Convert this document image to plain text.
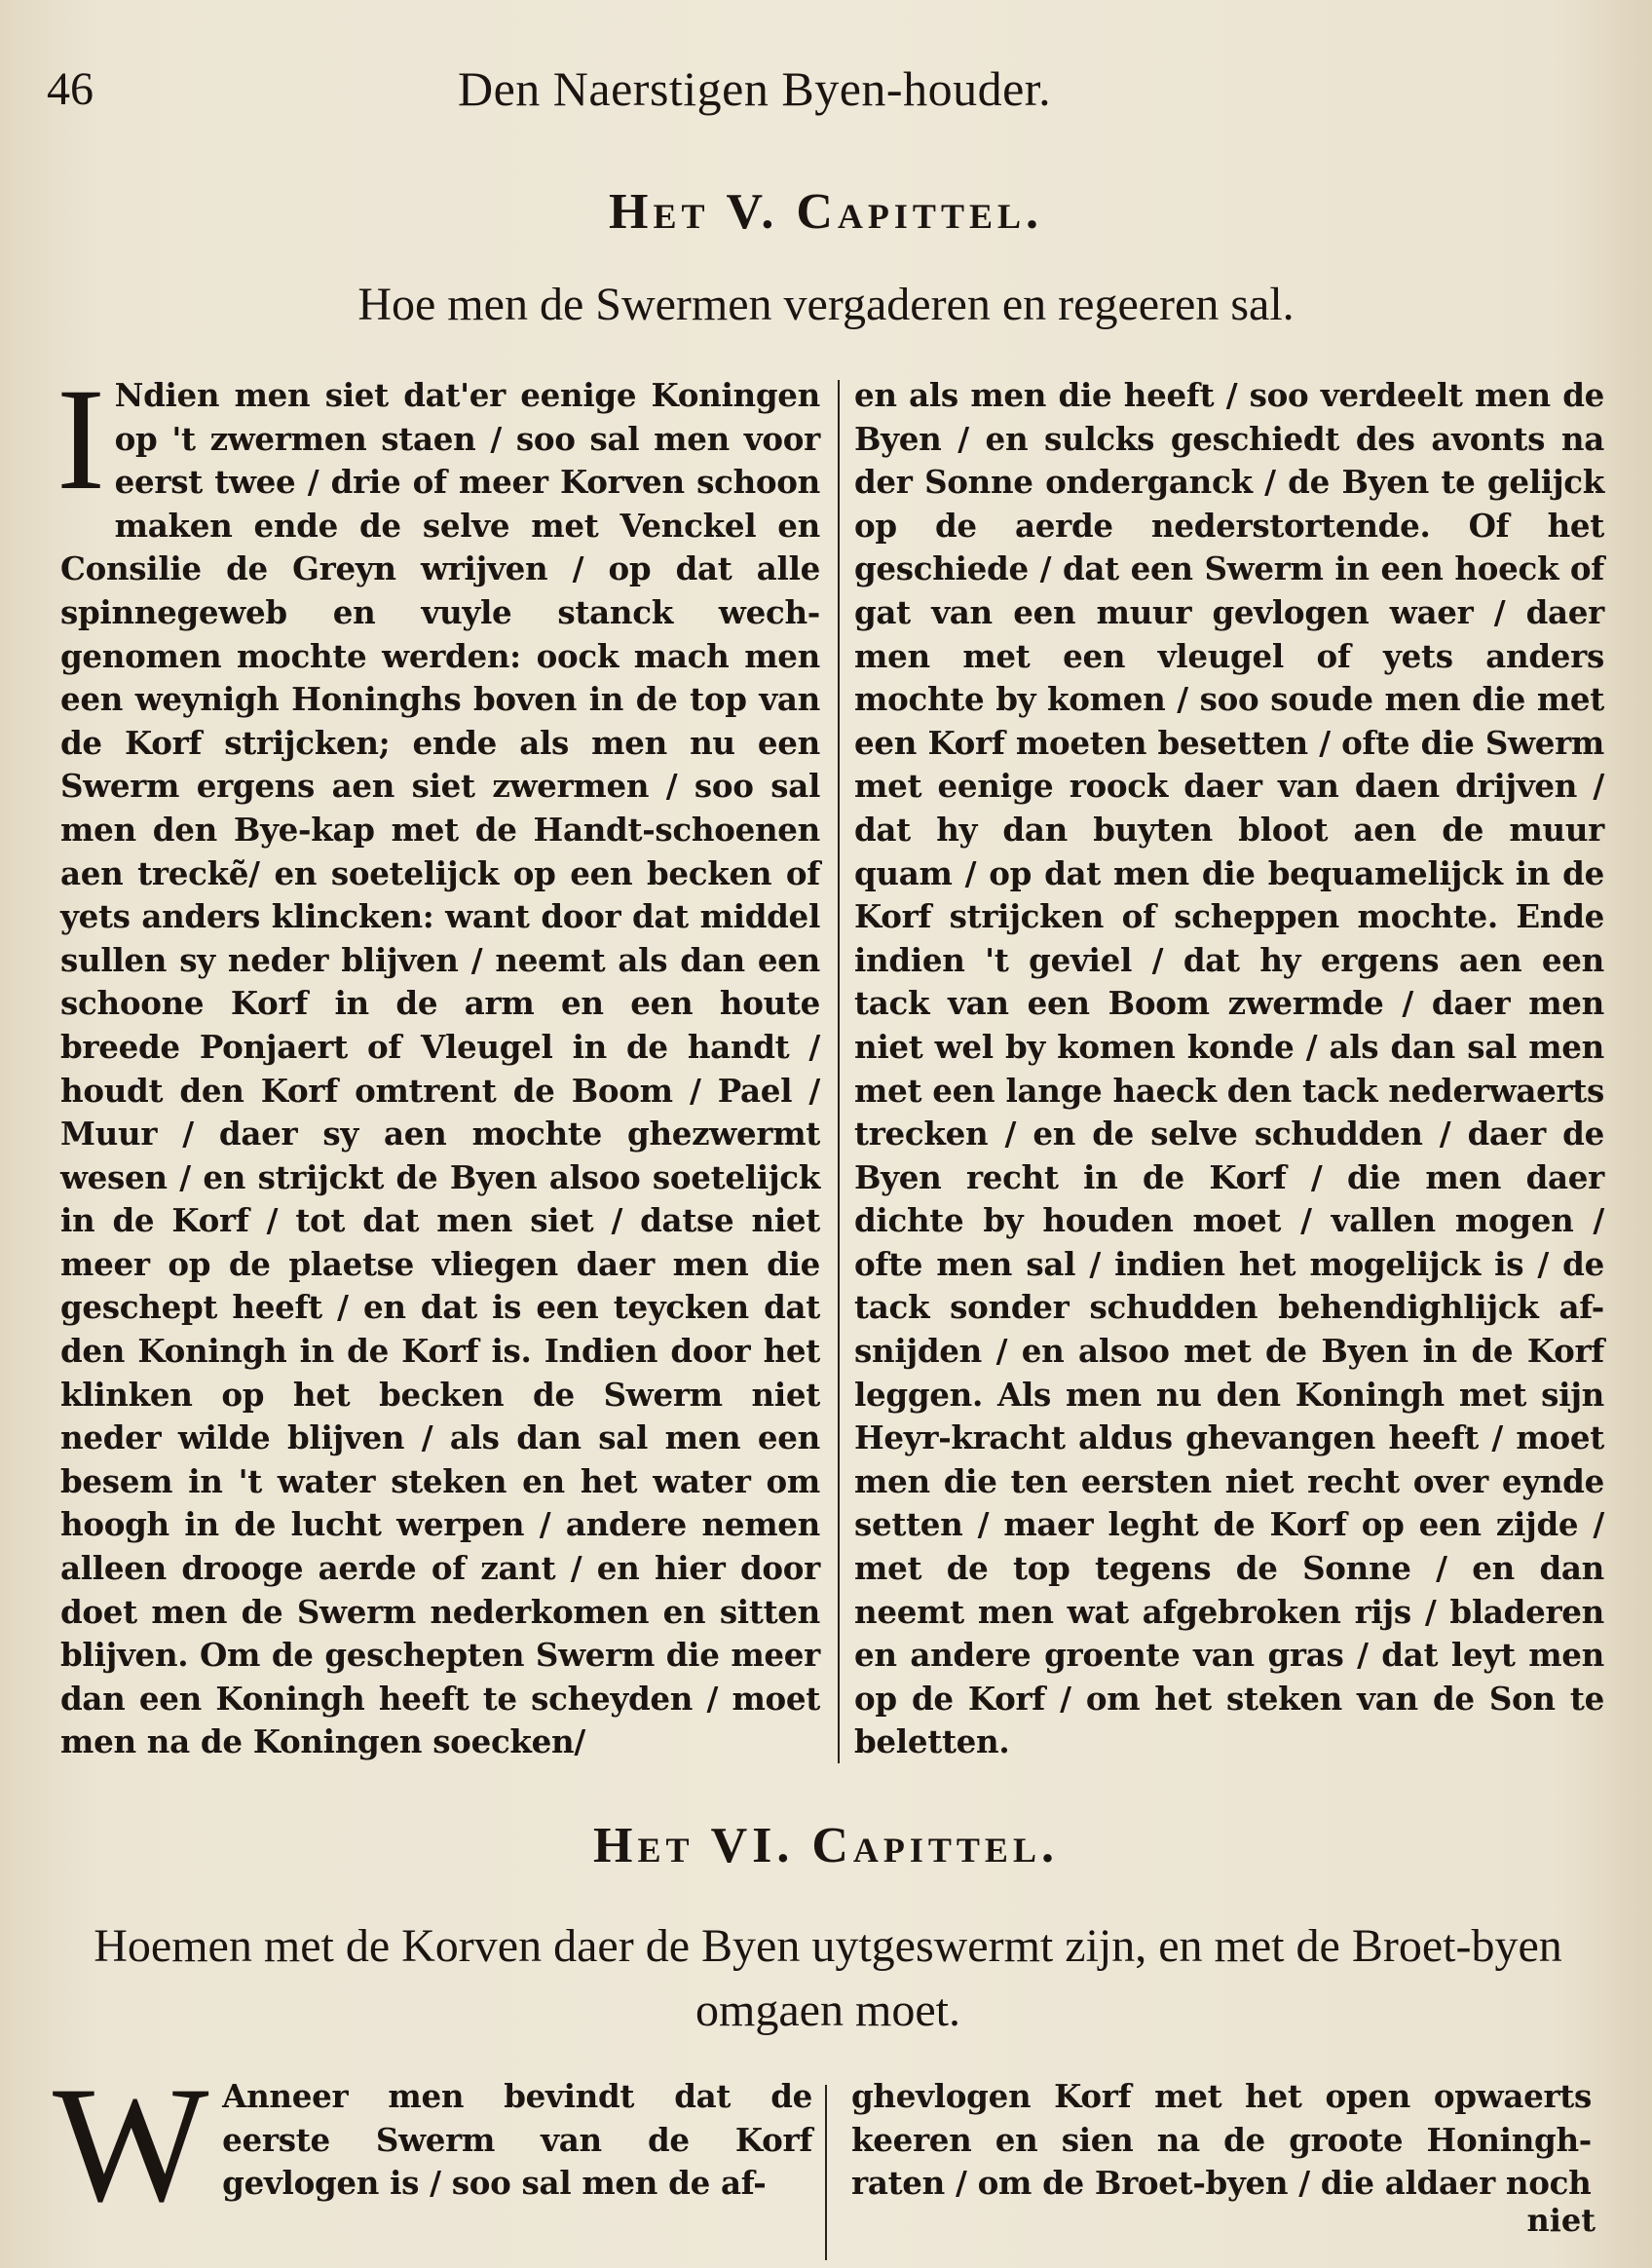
46	Den Naerstigen Byen-houder.
Het V. Capittel.
Hoe men de Swermen vergaderen en regeeren sal.
I Ndien men siet dat'er eenige Koningen op 't zwermen staen / soo sal men voor eerst twee / drie of meer Korven schoon maken ende de selve met Venckel en Consilie de Greyn wrijven / op dat alle spinnegeweb en vuyle stanck wech-genomen mochte werden: oock mach men een weynigh Honinghs boven in de top van de Korf strijcken; ende als men nu een Swerm ergens aen siet zwermen / soo sal men den Bye-kap met de Handt-schoenen aen treckẽ/ en soetelijck op een becken of yets anders klincken: want door dat middel sullen sy neder blijven / neemt als dan een schoone Korf in de arm en een houte breede Ponjaert of Vleugel in de handt / houdt den Korf omtrent de Boom / Pael / Muur / daer sy aen mochte ghezwermt wesen / en strijckt de Byen alsoo soetelijck in de Korf / tot dat men siet / datse niet meer op de plaetse vliegen daer men die geschept heeft / en dat is een teycken dat den Koningh in de Korf is. Indien door het klinken op het becken de Swerm niet neder wilde blijven / als dan sal men een besem in 't water steken en het water om hoogh in de lucht werpen / andere nemen alleen drooge aerde of zant / en hier door doet men de Swerm nederkomen en sitten blijven. Om de geschepten Swerm die meer dan een Koningh heeft te scheyden / moet men na de Koningen soecken/
en als men die heeft / soo verdeelt men de Byen / en sulcks geschiedt des avonts na der Sonne onderganck / de Byen te gelijck op de aerde nederstortende. Of het geschiede / dat een Swerm in een hoeck of gat van een muur gevlogen waer / daer men met een vleugel of yets anders mochte by komen / soo soude men die met een Korf moeten besetten / ofte die Swerm met eenige roock daer van daen drijven / dat hy dan buyten bloot aen de muur quam / op dat men die bequamelijck in de Korf strijcken of scheppen mochte. Ende indien 't geviel / dat hy ergens aen een tack van een Boom zwermde / daer men niet wel by komen konde / als dan sal men met een lange haeck den tack nederwaerts trecken / en de selve schudden / daer de Byen recht in de Korf / die men daer dichte by houden moet / vallen mogen / ofte men sal / indien het mogelijck is / de tack sonder schudden behendighlijck af-snijden / en alsoo met de Byen in de Korf leggen. Als men nu den Koningh met sijn Heyr-kracht aldus ghevangen heeft / moet men die ten eersten niet recht over eynde setten / maer leght de Korf op een zijde / met de top tegens de Sonne / en dan neemt men wat afgebroken rijs / bladeren en andere groente van gras / dat leyt men op de Korf / om het steken van de Son te beletten.
Het VI. Capittel.
Hoemen met de Korven daer de Byen uytgeswermt zijn, en met de Broet-byen omgaen moet.
W Anneer men bevindt dat de eerste Swerm van de Korf gevlogen is / soo sal men de af-
ghevlogen Korf met het open opwaerts keeren en sien na de groote Honingh-raten / om de Broet-byen / die aldaer noch
niet
